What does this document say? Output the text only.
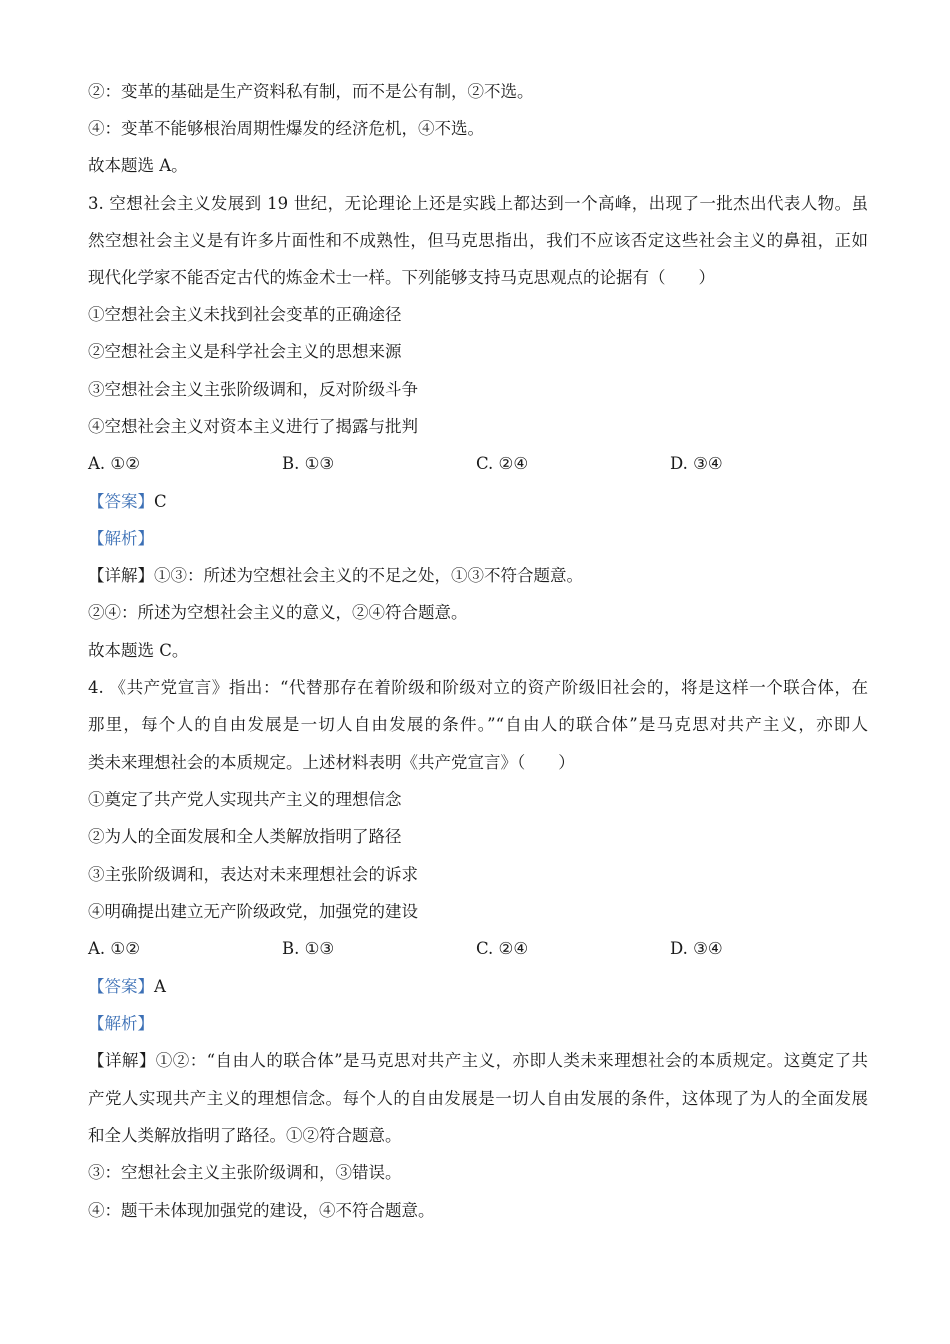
②：变革的基础是生产资料私有制，而不是公有制，②不选。
④：变革不能够根治周期性爆发的经济危机，④不选。
故本题选 A。
3. 空想社会主义发展到 19 世纪，无论理论上还是实践上都达到一个高峰，出现了一批杰出代表人物。虽
然空想社会主义是有许多片面性和不成熟性，但马克思指出，我们不应该否定这些社会主义的鼻祖，正如
现代化学家不能否定古代的炼金术士一样。下列能够支持马克思观点的论据有（　　）
①空想社会主义未找到社会变革的正确途径
②空想社会主义是科学社会主义的思想来源
③空想社会主义主张阶级调和，反对阶级斗争
④空想社会主义对资本主义进行了揭露与批判
A. ①②	B. ①③	C. ②④	D. ③④
【答案】C
【解析】
【详解】①③：所述为空想社会主义的不足之处，①③不符合题意。
②④：所述为空想社会主义的意义，②④符合题意。
故本题选 C。
4. 《共产党宣言》指出：“代替那存在着阶级和阶级对立的资产阶级旧社会的，将是这样一个联合体，在
那里，每个人的自由发展是一切人自由发展的条件。”“自由人的联合体”是马克思对共产主义，亦即人
类未来理想社会的本质规定。上述材料表明《共产党宣言》（　　）
①奠定了共产党人实现共产主义的理想信念
②为人的全面发展和全人类解放指明了路径
③主张阶级调和，表达对未来理想社会的诉求
④明确提出建立无产阶级政党，加强党的建设
A. ①②	B. ①③	C. ②④	D. ③④
【答案】A
【解析】
【详解】①②：“自由人的联合体”是马克思对共产主义，亦即人类未来理想社会的本质规定。这奠定了共
产党人实现共产主义的理想信念。每个人的自由发展是一切人自由发展的条件，这体现了为人的全面发展
和全人类解放指明了路径。①②符合题意。
③：空想社会主义主张阶级调和，③错误。
④：题干未体现加强党的建设，④不符合题意。
